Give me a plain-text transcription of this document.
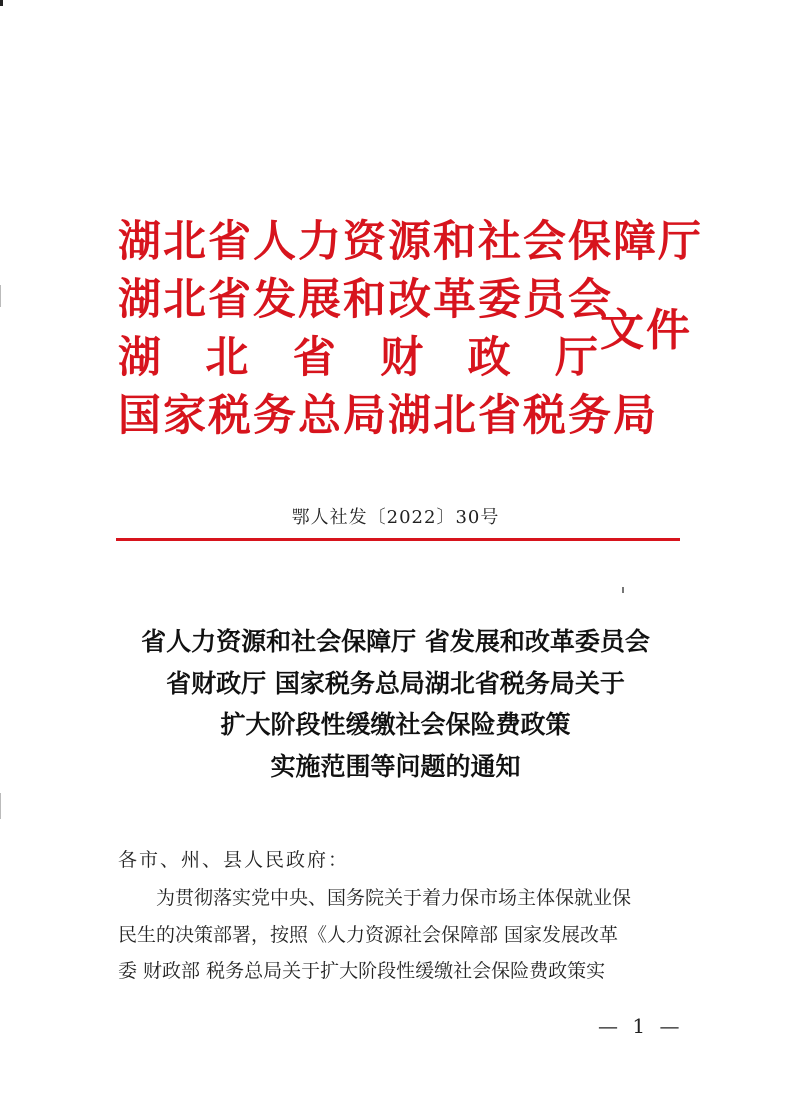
湖北省人力资源和社会保障厅
湖北省发展和改革委员会
湖 北 省 财 政 厅
国家税务总局湖北省税务局
文件
鄂人社发〔2022〕30号
省人力资源和社会保障厅 省发展和改革委员会
省财政厅 国家税务总局湖北省税务局关于
扩大阶段性缓缴社会保险费政策
实施范围等问题的通知
各市、州、县人民政府：
为贯彻落实党中央、国务院关于着力保市场主体保就业保
民生的决策部署，按照《人力资源社会保障部 国家发展改革
委 财政部 税务总局关于扩大阶段性缓缴社会保险费政策实
— 1 —
